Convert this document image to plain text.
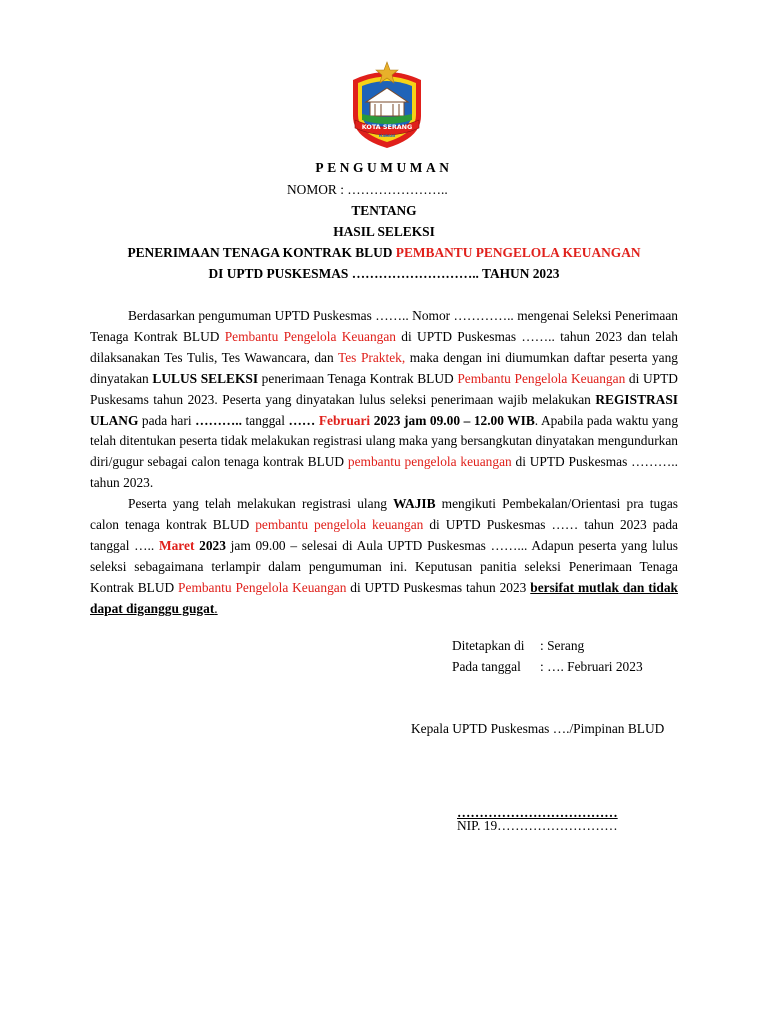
KOTA SERANG
MADANI
PENGUMUMAN
NOMOR : …………………..
TENTANG
HASIL SELEKSI
PENERIMAAN TENAGA KONTRAK BLUD PEMBANTU PENGELOLA KEUANGAN
DI UPTD PUSKESMAS ……………………….. TAHUN 2023

Berdasarkan pengumuman UPTD Puskesmas …….. Nomor ………….. mengenai Seleksi Penerimaan Tenaga Kontrak BLUD Pembantu Pengelola Keuangan di UPTD Puskesmas …….. tahun 2023 dan telah dilaksanakan Tes Tulis, Tes Wawancara, dan Tes Praktek, maka dengan ini diumumkan daftar peserta yang dinyatakan LULUS SELEKSI penerimaan Tenaga Kontrak BLUD Pembantu Pengelola Keuangan di UPTD Puskesams tahun 2023. Peserta yang dinyatakan lulus seleksi penerimaan wajib melakukan REGISTRASI ULANG pada hari ……….. tanggal …… Februari 2023 jam 09.00 – 12.00 WIB. Apabila pada waktu yang telah ditentukan peserta tidak melakukan registrasi ulang maka yang bersangkutan dinyatakan mengundurkan diri/gugur sebagai calon tenaga kontrak BLUD pembantu pengelola keuangan di UPTD Puskesmas ……….. tahun 2023.

Peserta yang telah melakukan registrasi ulang WAJIB mengikuti Pembekalan/Orientasi pra tugas calon tenaga kontrak BLUD pembantu pengelola keuangan di UPTD Puskesmas …… tahun 2023 pada tanggal ….. Maret 2023 jam 09.00 – selesai di Aula UPTD Puskesmas ……... Adapun peserta yang lulus seleksi sebagaimana terlampir dalam pengumuman ini. Keputusan panitia seleksi Penerimaan Tenaga Kontrak BLUD Pembantu Pengelola Keuangan di UPTD Puskesmas tahun 2023 bersifat mutlak dan tidak dapat diganggu gugat.

Ditetapkan di : Serang
Pada tanggal : …. Februari 2023
Kepala UPTD Puskesmas …./Pimpinan BLUD
………………………………
NIP. 19………………………
